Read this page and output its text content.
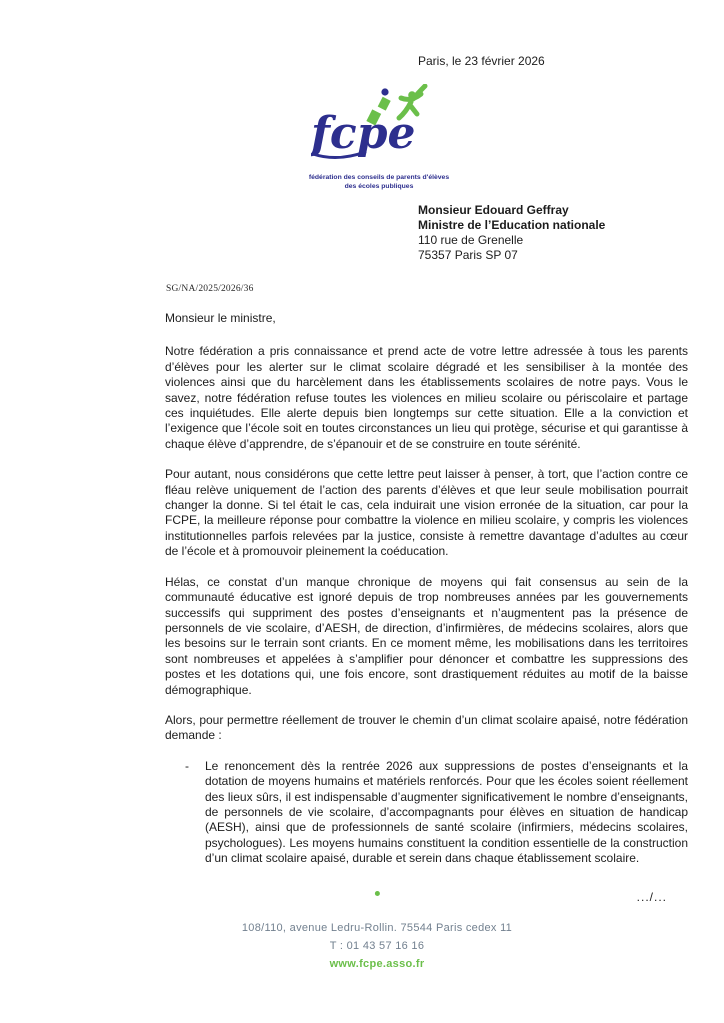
Paris, le 23 février 2026
fcpe
fédération des conseils de parents d'élèves
des écoles publiques
Monsieur Edouard Geffray
Ministre de l’Education nationale
110 rue de Grenelle
75357 Paris SP 07
SG/NA/2025/2026/36

Monsieur le ministre,

Notre fédération a pris connaissance et prend acte de votre lettre adressée à tous les parents d’élèves pour les alerter sur le climat scolaire dégradé et les sensibiliser à la montée des violences ainsi que du harcèlement dans les établissements scolaires de notre pays. Vous le savez, notre fédération refuse toutes les violences en milieu scolaire ou périscolaire et partage ces inquiétudes. Elle alerte depuis bien longtemps sur cette situation. Elle a la conviction et l’exigence que l’école soit en toutes circonstances un lieu qui protège, sécurise et qui garantisse à chaque élève d’apprendre, de s’épanouir et de se construire en toute sérénité.

Pour autant, nous considérons que cette lettre peut laisser à penser, à tort, que l’action contre ce fléau relève uniquement de l’action des parents d’élèves et que leur seule mobilisation pourrait changer la donne. Si tel était le cas, cela induirait une vision erronée de la situation, car pour la FCPE, la meilleure réponse pour combattre la violence en milieu scolaire, y compris les violences institutionnelles parfois relevées par la justice, consiste à remettre davantage d’adultes au cœur de l’école et à promouvoir pleinement la coéducation.

Hélas, ce constat d’un manque chronique de moyens qui fait consensus au sein de la communauté éducative est ignoré depuis de trop nombreuses années par les gouvernements successifs qui suppriment des postes d’enseignants et n’augmentent pas la présence de personnels de vie scolaire, d’AESH, de direction, d’infirmières, de médecins scolaires, alors que les besoins sur le terrain sont criants. En ce moment même, les mobilisations dans les territoires sont nombreuses et appelées à s’amplifier pour dénoncer et combattre les suppressions des postes et les dotations qui, une fois encore, sont drastiquement réduites au motif de la baisse démographique.

Alors, pour permettre réellement de trouver le chemin d’un climat scolaire apaisé, notre fédération demande :

-	Le renoncement dès la rentrée 2026 aux suppressions de postes d’enseignants et la dotation de moyens humains et matériels renforcés. Pour que les écoles soient réellement des lieux sûrs, il est indispensable d’augmenter significativement le nombre d’enseignants, de personnels de vie scolaire, d’accompagnants pour élèves en situation de handicap (AESH), ainsi que de professionnels de santé scolaire (infirmiers, médecins scolaires, psychologues). Les moyens humains constituent la condition essentielle de la construction d’un climat scolaire apaisé, durable et serein dans chaque établissement scolaire.
.../...
108/110, avenue Ledru-Rollin. 75544 Paris cedex 11
T : 01 43 57 16 16
www.fcpe.asso.fr
